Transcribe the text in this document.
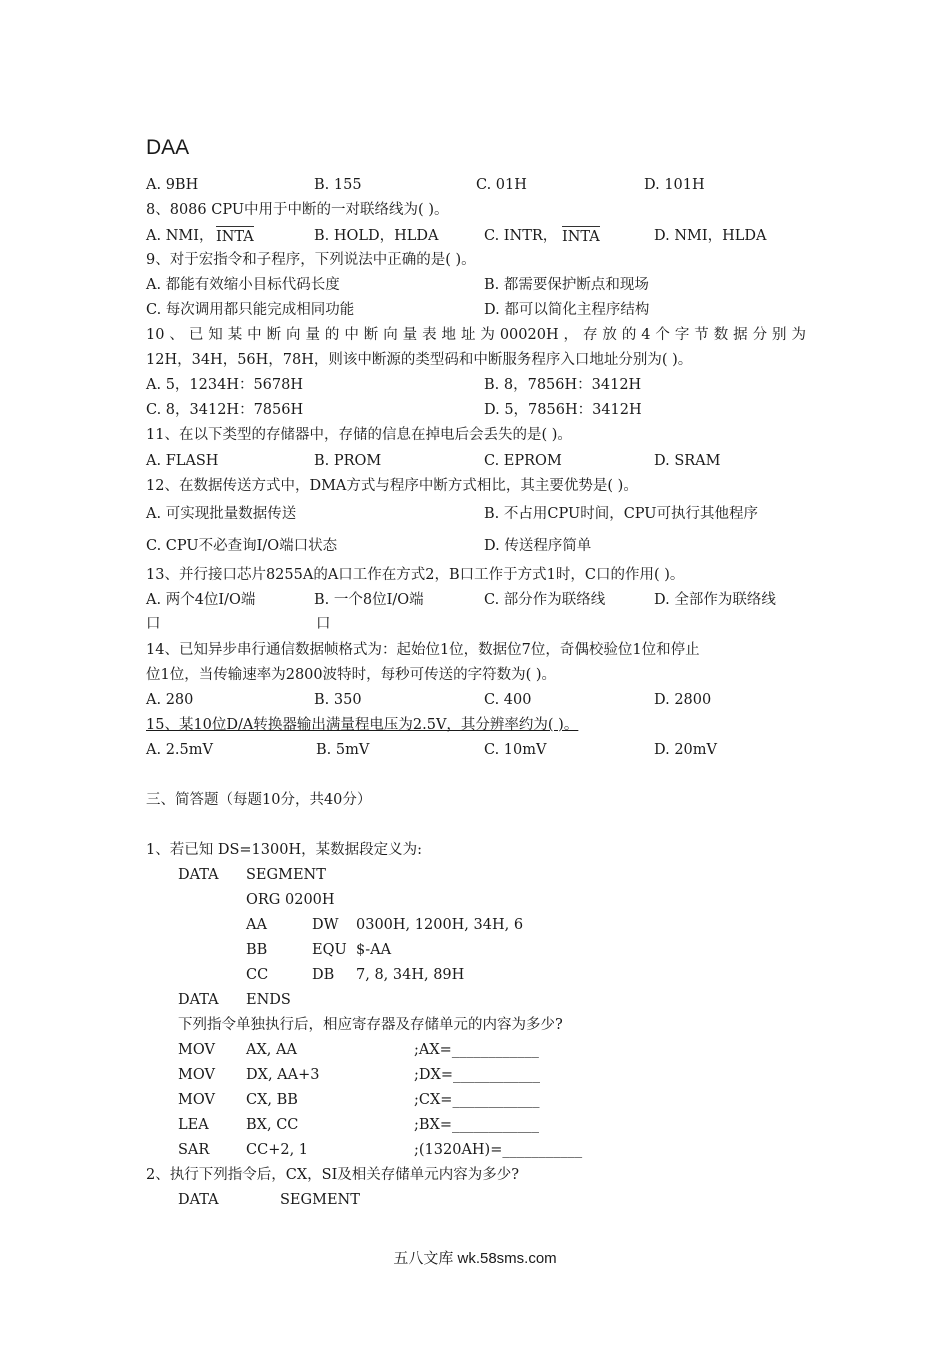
DAA
A. 9BH	B. 155	C. 01H	D. 101H
8、8086 CPU中用于中断的一对联络线为( )。
A. NMI， INTA	B. HOLD，HLDA	C. INTR， INTA	D. NMI，HLDA
9、对于宏指令和子程序，下列说法中正确的是( )。
A. 都能有效缩小目标代码长度	B. 都需要保护断点和现场
C. 每次调用都只能完成相同功能	D. 都可以简化主程序结构
10、已知某中断向量的中断向量表地址为00020H，存放的4个字节数据分别为
12H，34H，56H，78H，则该中断源的类型码和中断服务程序入口地址分别为( )。
A. 5，1234H：5678H	B. 8，7856H：3412H
C. 8，3412H：7856H	D. 5，7856H：3412H
11、在以下类型的存储器中，存储的信息在掉电后会丢失的是( )。
A. FLASH	B. PROM	C. EPROM	D. SRAM
12、在数据传送方式中，DMA方式与程序中断方式相比，其主要优势是( )。
A. 可实现批量数据传送	B. 不占用CPU时间，CPU可执行其他程序
C. CPU不必查询I/O端口状态	D. 传送程序简单
13、并行接口芯片8255A的A口工作在方式2，B口工作于方式1时，C口的作用( )。
A. 两个4位I/O端	B. 一个8位I/O端	C. 部分作为联络线	D. 全部作为联络线
口	口
14、已知异步串行通信数据帧格式为：起始位1位，数据位7位，奇偶校验位1位和停止
位1位，当传输速率为2800波特时，每秒可传送的字符数为( )。
A. 280	B. 350	C. 400	D. 2800
15、某10位D/A转换器输出满量程电压为2.5V，其分辨率约为( )。
A. 2.5mV	B. 5mV	C. 10mV	D. 20mV
三、简答题（每题10分，共40分）
1、若已知 DS=1300H，某数据段定义为:
DATA SEGMENT
ORG 0200H
AA	DW 0300H, 1200H, 34H, 6
BB	EQU $-AA
CC	DB 7, 8, 34H, 89H
DATA ENDS
下列指令单独执行后，相应寄存器及存储单元的内容为多少?
MOV AX, AA	;AX=____________
MOV DX, AA+3	;DX=____________
MOV CX, BB	;CX=____________
LEA	BX, CC	;BX=____________
SAR	CC+2, 1	;(1320AH)=___________
2、执行下列指令后，CX，SI及相关存储单元内容为多少?
DATA	SEGMENT
五八文库 wk.58sms.com
